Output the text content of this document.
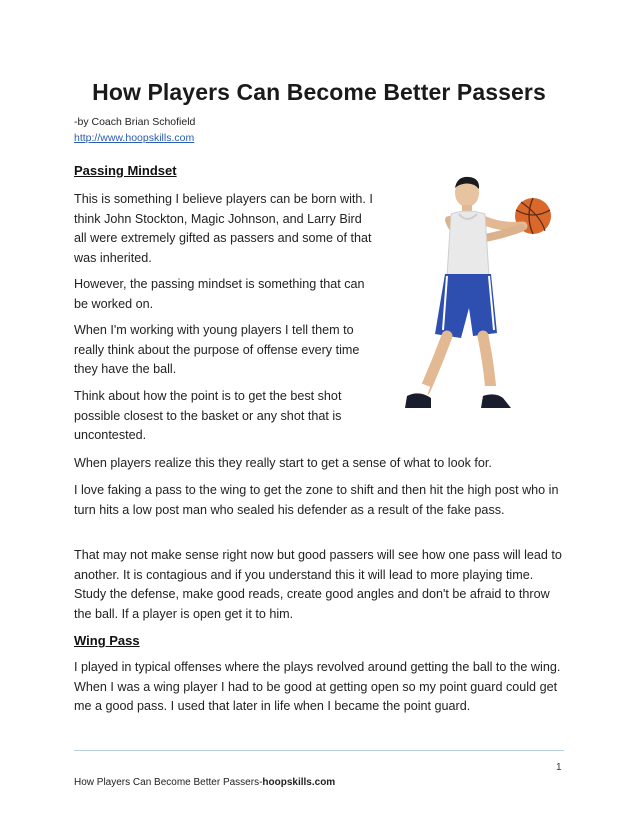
How Players Can Become Better Passers
-by Coach Brian Schofield
http://www.hoopskills.com
Passing Mindset

This is something I believe players can be born with. I think John Stockton, Magic Johnson, and Larry Bird all were extremely gifted as passers and some of that was inherited.

However, the passing mindset is something that can be worked on.

When I'm working with young players I tell them to really think about the purpose of offense every time they have the ball.

Think about how the point is to get the best shot possible closest to the basket or any shot that is uncontested.

When players realize this they really start to get a sense of what to look for.

I love faking a pass to the wing to get the zone to shift and then hit the high post who in turn hits a low post man who sealed his defender as a result of the fake pass.

That may not make sense right now but good passers will see how one pass will lead to another. It is contagious and if you understand this it will lead to more playing time. Study the defense, make good reads, create good angles and don't be afraid to throw the ball. If a player is open get it to him.

Wing Pass

I played in typical offenses where the plays revolved around getting the ball to the wing. When I was a wing player I had to be good at getting open so my point guard could get me a good pass. I used that later in life when I became the point guard.

1
How Players Can Become Better Passers-hoopskills.com
